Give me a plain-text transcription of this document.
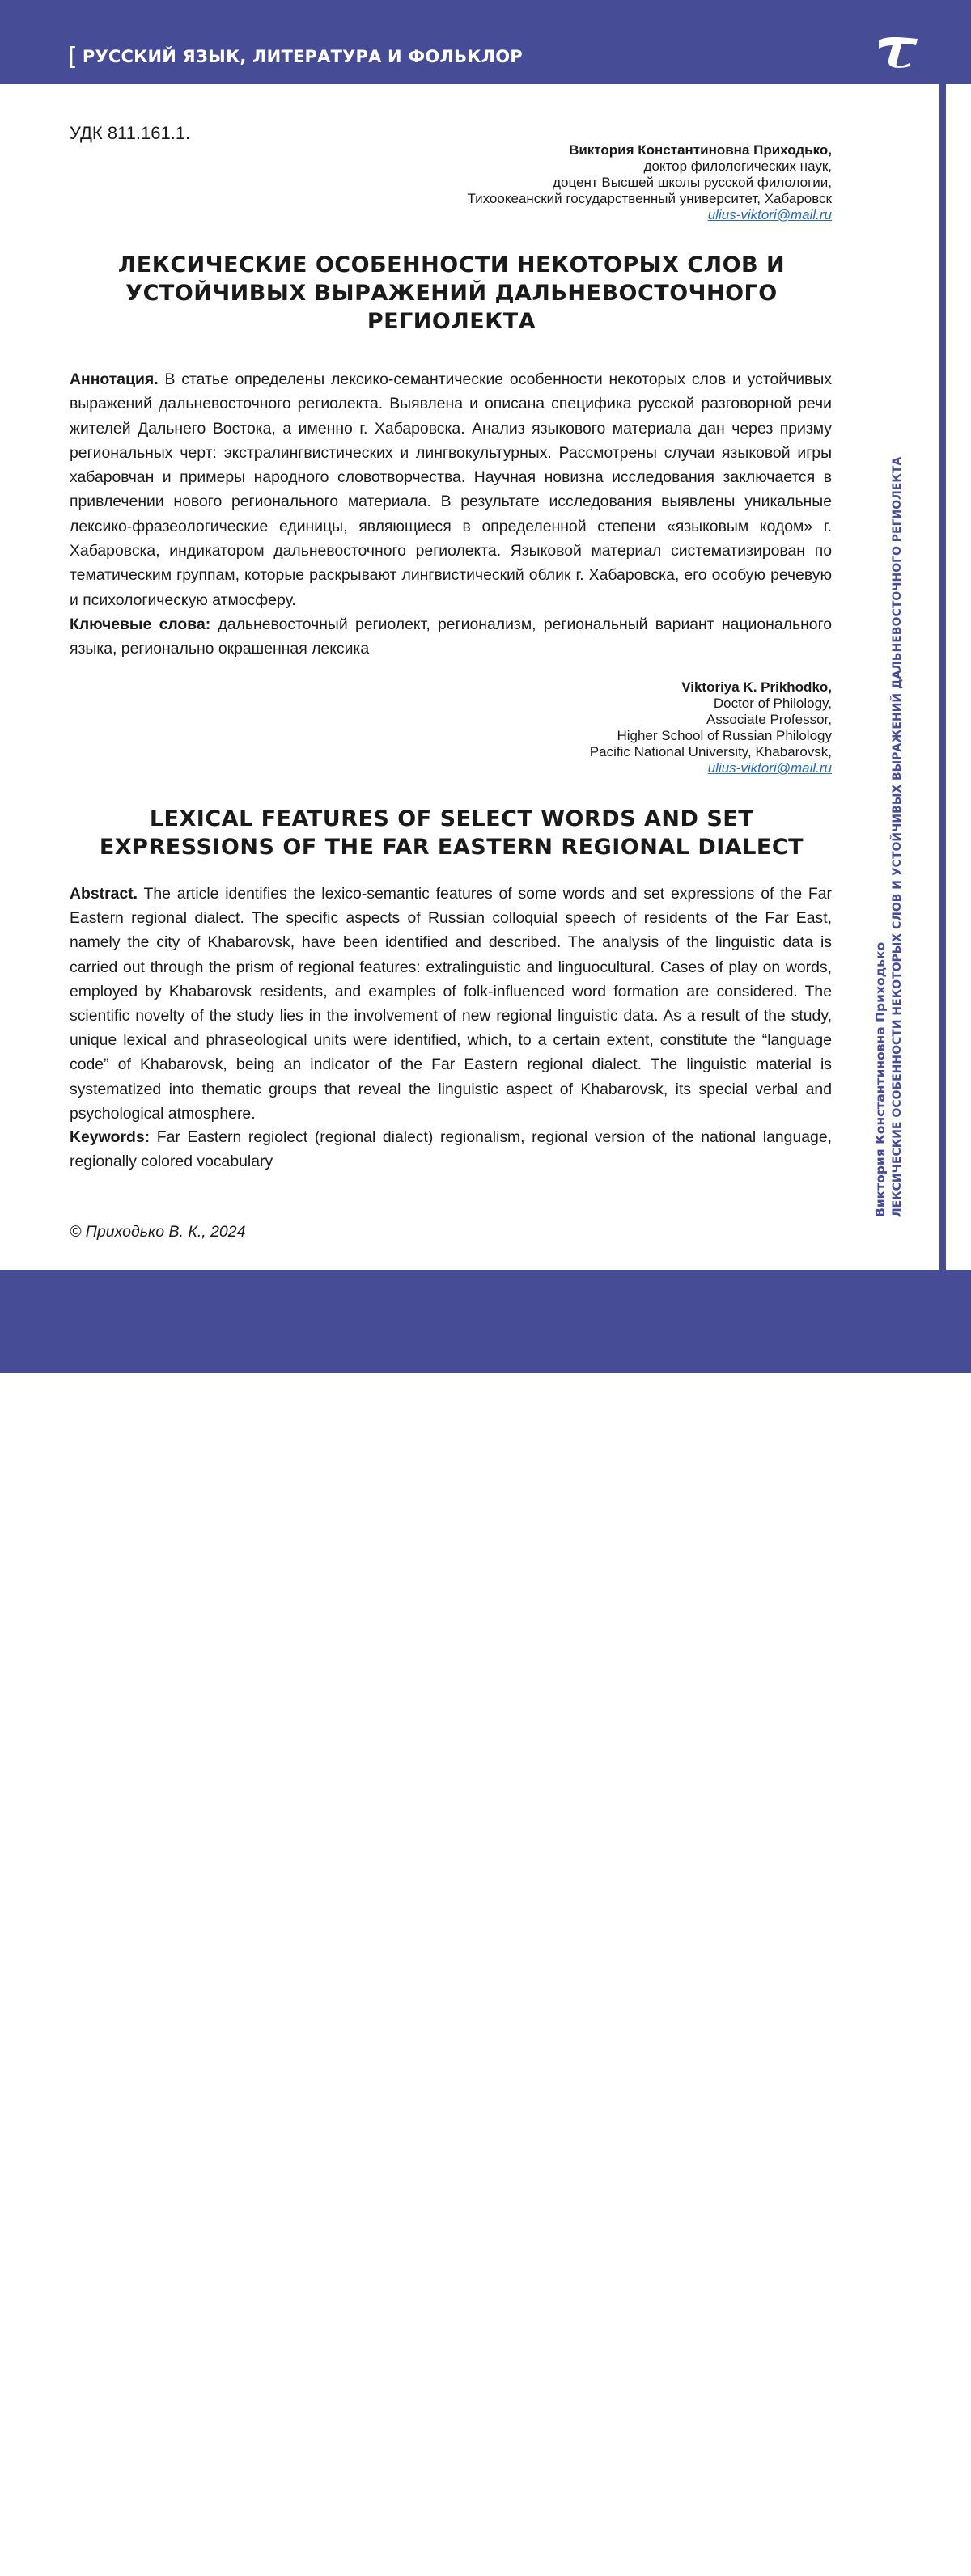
[ РУССКИЙ ЯЗЫК, ЛИТЕРАТУРА И ФОЛЬКЛОР
УДК 811.161.1.
Виктория Константиновна Приходько,
доктор филологических наук,
доцент Высшей школы русской филологии,
Тихоокеанский государственный университет, Хабаровск
ulius-viktori@mail.ru
ЛЕКСИЧЕСКИЕ ОСОБЕННОСТИ НЕКОТОРЫХ СЛОВ И
УСТОЙЧИВЫХ ВЫРАЖЕНИЙ ДАЛЬНЕВОСТОЧНОГО
РЕГИОЛЕКТА
Аннотация. В статье определены лексико-семантические особенности некоторых слов и устойчивых выражений дальневосточного региолекта. Выявлена и описана специфика русской разговорной речи жителей Дальнего Востока, а именно г. Хабаровска. Анализ языкового материала дан через призму региональных черт: экстралингвистических и лингвокультурных. Рассмотрены случаи языковой игры хабаровчан и примеры народного словотворчества. Научная новизна исследования заключается в привлечении нового регионального материала. В результате исследования выявлены уникальные лексико-фразеологические единицы, являющиеся в определенной степени «языковым кодом» г. Хабаровска, индикатором дальневосточного региолекта. Языковой материал систематизирован по тематическим группам, которые раскрывают лингвистический облик г. Хабаровска, его особую речевую и психологическую атмосферу.
Ключевые слова: дальневосточный региолект, регионализм, региональный вариант национального языка, регионально окрашенная лексика
Viktoriya K. Prikhodko,
Doctor of Philology,
Associate Professor,
Higher School of Russian Philology
Pacific National University, Khabarovsk,
ulius-viktori@mail.ru
LEXICAL FEATURES OF SELECT WORDS AND SET
EXPRESSIONS OF THE FAR EASTERN REGIONAL DIALECT
Abstract. The article identifies the lexico-semantic features of some words and set expressions of the Far Eastern regional dialect. The specific aspects of Russian colloquial speech of residents of the Far East, namely the city of Khabarovsk, have been identified and described. The analysis of the linguistic data is carried out through the prism of regional features: extralinguistic and linguocultural. Cases of play on words, employed by Khabarovsk residents, and examples of folk-influenced word formation are considered. The scientific novelty of the study lies in the involvement of new regional linguistic data. As a result of the study, unique lexical and phraseological units were identified, which, to a certain extent, constitute the “language code” of Khabarovsk, being an indicator of the Far Eastern regional dialect. The linguistic material is systematized into thematic groups that reveal the linguistic aspect of Khabarovsk, its special verbal and psychological atmosphere.
Keywords: Far Eastern regiolect (regional dialect) regionalism, regional version of the national language, regionally colored vocabulary
© Приходько В. К., 2024
Виктория Константиновна Приходько ЛЕКСИЧЕСКИЕ ОСОБЕННОСТИ НЕКОТОРЫХ СЛОВ И УСТОЙЧИВЫХ ВЫРАЖЕНИЙ ДАЛЬНЕВОСТОЧНОГО РЕГИОЛЕКТА
67
